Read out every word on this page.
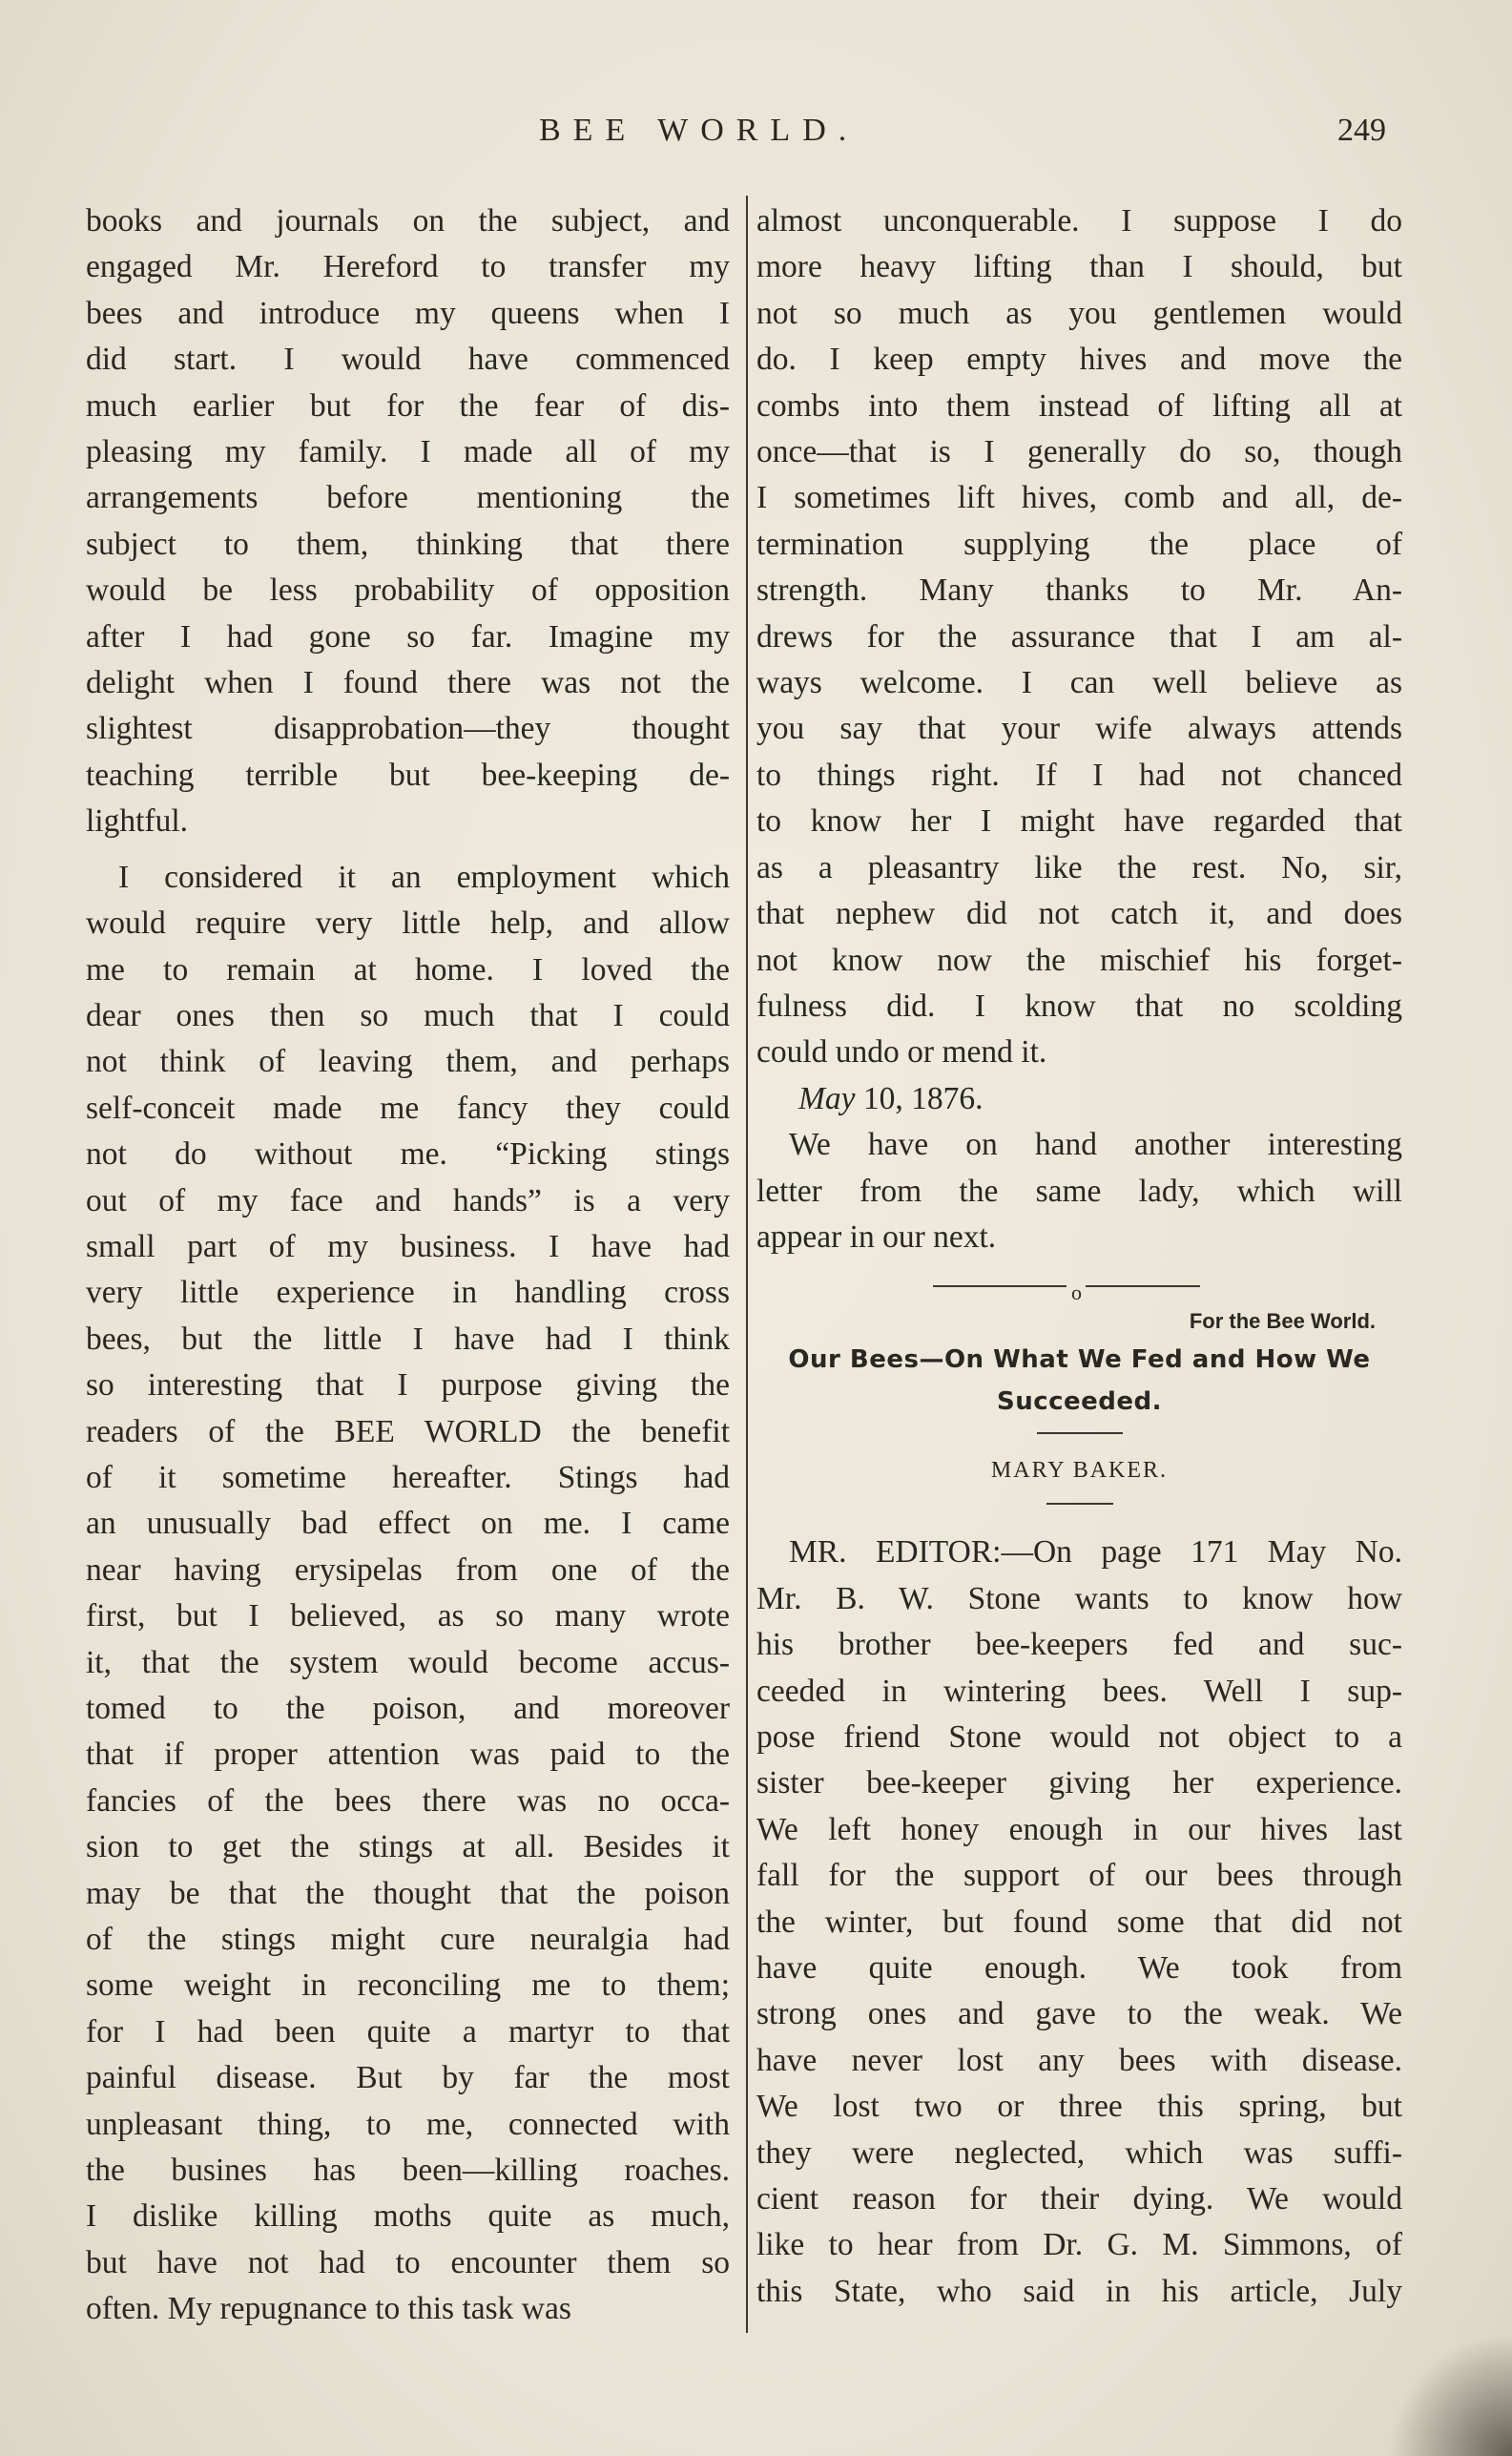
BEE WORLD.	249
books and journals on the subject, and
engaged Mr. Hereford to transfer my
bees and introduce my queens when I
did start. I would have commenced
much earlier but for the fear of dis-
pleasing my family. I made all of my
arrangements before mentioning the
subject to them, thinking that there
would be less probability of opposition
after I had gone so far. Imagine my
delight when I found there was not the
slightest disapprobation—they thought
teaching terrible but bee-keeping de-
lightful.
I considered it an employment which
would require very little help, and allow
me to remain at home. I loved the
dear ones then so much that I could
not think of leaving them, and perhaps
self-conceit made me fancy they could
not do without me. “Picking stings
out of my face and hands” is a very
small part of my business. I have had
very little experience in handling cross
bees, but the little I have had I think
so interesting that I purpose giving the
readers of the BEE WORLD the benefit
of it sometime hereafter. Stings had
an unusually bad effect on me. I came
near having erysipelas from one of the
first, but I believed, as so many wrote
it, that the system would become accus-
tomed to the poison, and moreover
that if proper attention was paid to the
fancies of the bees there was no occa-
sion to get the stings at all. Besides it
may be that the thought that the poison
of the stings might cure neuralgia had
some weight in reconciling me to them;
for I had been quite a martyr to that
painful disease. But by far the most
unpleasant thing, to me, connected with
the busines has been—killing roaches.
I dislike killing moths quite as much,
but have not had to encounter them so
often. My repugnance to this task was
almost unconquerable. I suppose I do
more heavy lifting than I should, but
not so much as you gentlemen would
do. I keep empty hives and move the
combs into them instead of lifting all at
once—that is I generally do so, though
I sometimes lift hives, comb and all, de-
termination supplying the place of
strength. Many thanks to Mr. An-
drews for the assurance that I am al-
ways welcome. I can well believe as
you say that your wife always attends
to things right. If I had not chanced
to know her I might have regarded that
as a pleasantry like the rest. No, sir,
that nephew did not catch it, and does
not know now the mischief his forget-
fulness did. I know that no scolding
could undo or mend it.
May 10, 1876.
We have on hand another interesting
letter from the same lady, which will
appear in our next.
o
For the Bee World.
Our Bees—On What We Fed and How We
Succeeded.
MARY BAKER.
MR. EDITOR:—On page 171 May No.
Mr. B. W. Stone wants to know how
his brother bee-keepers fed and suc-
ceeded in wintering bees. Well I sup-
pose friend Stone would not object to a
sister bee-keeper giving her experience.
We left honey enough in our hives last
fall for the support of our bees through
the winter, but found some that did not
have quite enough. We took from
strong ones and gave to the weak. We
have never lost any bees with disease.
We lost two or three this spring, but
they were neglected, which was suffi-
cient reason for their dying. We would
like to hear from Dr. G. M. Simmons, of
this State, who said in his article, July
